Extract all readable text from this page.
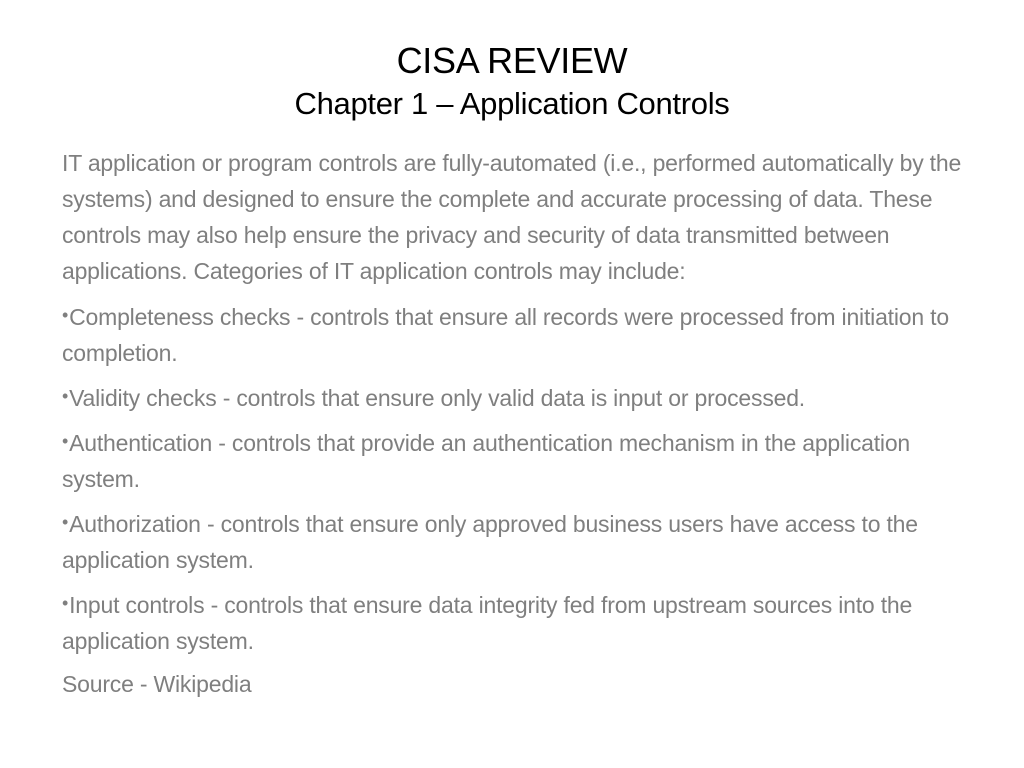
CISA REVIEW
Chapter 1 – Application Controls

IT application or program controls are fully-automated (i.e., performed automatically by the systems) and designed to ensure the complete and accurate processing of data. These controls may also help ensure the privacy and security of data transmitted between applications. Categories of IT application controls may include:

•Completeness checks - controls that ensure all records were processed from initiation to completion.
•Validity checks - controls that ensure only valid data is input or processed.
•Authentication - controls that provide an authentication mechanism in the application system.
•Authorization - controls that ensure only approved business users have access to the application system.
•Input controls - controls that ensure data integrity fed from upstream sources into the application system.

Source - Wikipedia
